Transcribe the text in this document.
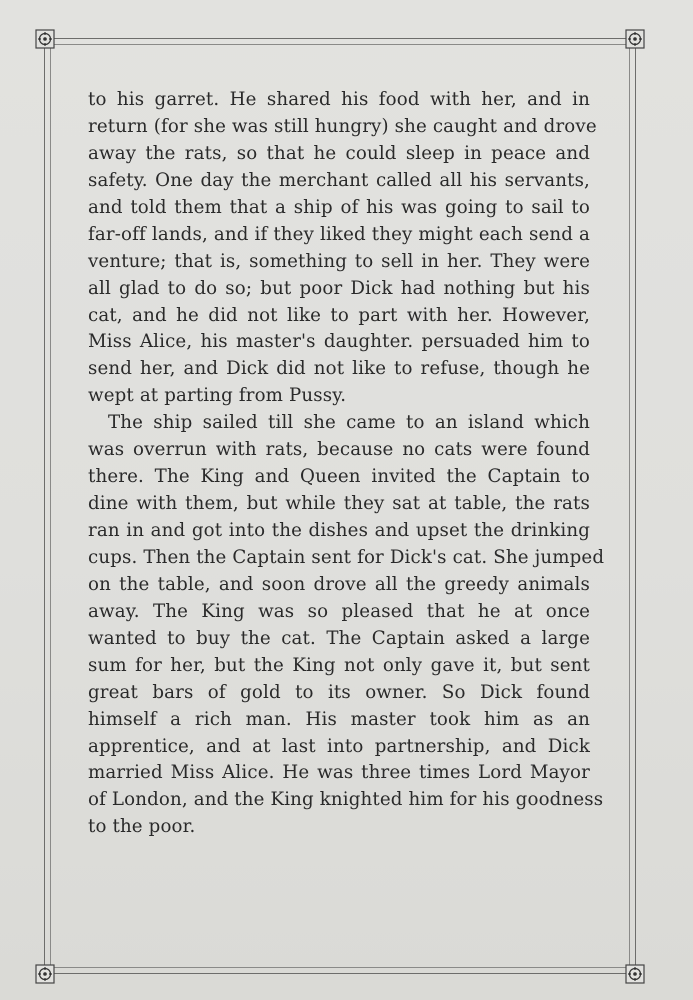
to his garret. He shared his food with her, and in
return (for she was still hungry) she caught and drove
away the rats, so that he could sleep in peace and
safety. One day the merchant called all his servants,
and told them that a ship of his was going to sail to
far-off lands, and if they liked they might each send a
venture; that is, something to sell in her. They were
all glad to do so; but poor Dick had nothing but his
cat, and he did not like to part with her. However,
Miss Alice, his master's daughter. persuaded him to
send her, and Dick did not like to refuse, though he
wept at parting from Pussy.
The ship sailed till she came to an island which
was overrun with rats, because no cats were found
there. The King and Queen invited the Captain to
dine with them, but while they sat at table, the rats
ran in and got into the dishes and upset the drinking
cups. Then the Captain sent for Dick's cat. She jumped
on the table, and soon drove all the greedy animals
away. The King was so pleased that he at once
wanted to buy the cat. The Captain asked a large
sum for her, but the King not only gave it, but sent
great bars of gold to its owner. So Dick found
himself a rich man. His master took him as an
apprentice, and at last into partnership, and Dick
married Miss Alice. He was three times Lord Mayor
of London, and the King knighted him for his goodness
to the poor.
